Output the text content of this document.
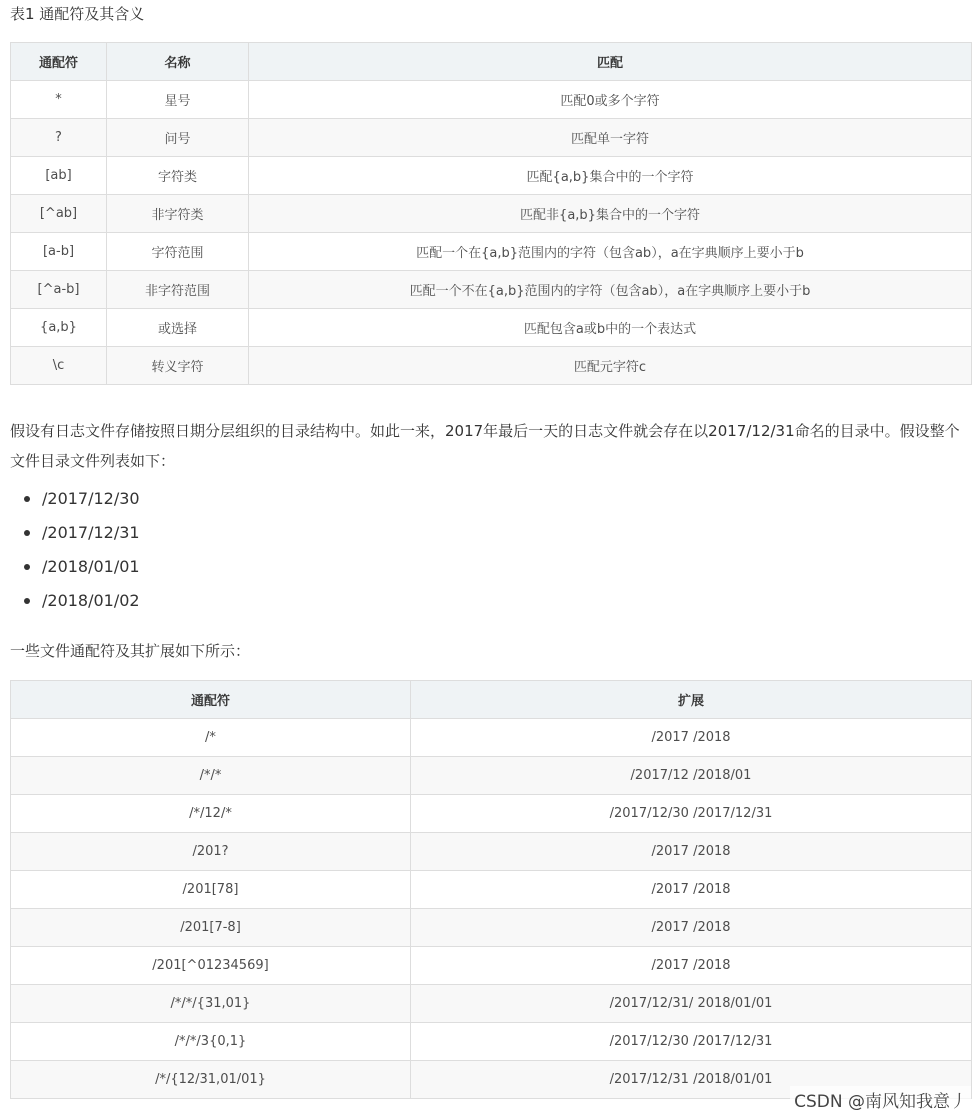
表1 通配符及其含义
通配符	名称	匹配
*	星号	匹配0或多个字符
?	问号	匹配单一字符
[ab]	字符类	匹配{a,b}集合中的一个字符
[^ab]	非字符类	匹配非{a,b}集合中的一个字符
[a-b]	字符范围	匹配一个在{a,b}范围内的字符（包含ab），a在字典顺序上要小于b
[^a-b]	非字符范围	匹配一个不在{a,b}范围内的字符（包含ab），a在字典顺序上要小于b
{a,b}	或选择	匹配包含a或b中的一个表达式
\c	转义字符	匹配元字符c
假设有日志文件存储按照日期分层组织的目录结构中。如此一来，2017年最后一天的日志文件就会存在以2017/12/31命名的目录中。假设整个文件目录文件列表如下：
/2017/12/30
/2017/12/31
/2018/01/01
/2018/01/02
一些文件通配符及其扩展如下所示：
通配符	扩展
/*	/2017 /2018
/*/*	/2017/12 /2018/01
/*/12/*	/2017/12/30 /2017/12/31
/201?	/2017 /2018
/201[78]	/2017 /2018
/201[7-8]	/2017 /2018
/201[^01234569]	/2017 /2018
/*/*/{31,01}	/2017/12/31/ 2018/01/01
/*/*/3{0,1}	/2017/12/30 /2017/12/31
/*/{12/31,01/01}	/2017/12/31 /2018/01/01
CSDN @南风知我意丿
